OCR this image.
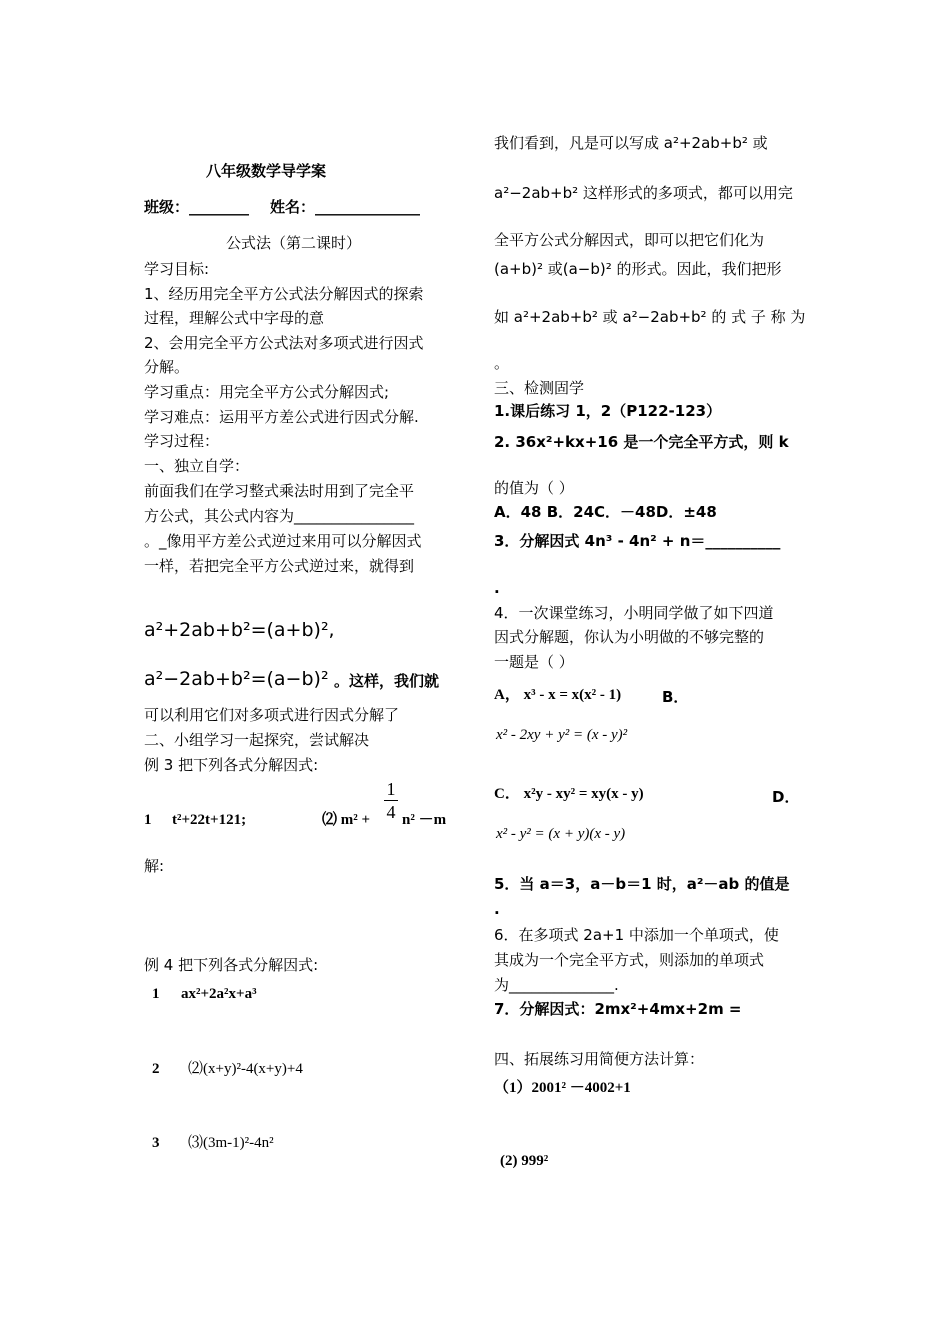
八年级数学导学案
班级：________ 姓名：______________
公式法（第二课时）
学习目标:
1、经历用完全平方公式法分解因式的探索
过程，理解公式中字母的意
2、会用完全平方公式法对多项式进行因式
分解。
学习重点：用完全平方公式分解因式;
学习难点：运用平方差公式进行因式分解.
学习过程：
一、独立自学：
前面我们在学习整式乘法时用到了完全平
方公式，其公式内容为________________
。_像用平方差公式逆过来用可以分解因式
一样，若把完全平方公式逆过来，就得到
a²+2ab+b²=(a+b)²,
a²−2ab+b²=(a−b)² 。这样，我们就
可以利用它们对多项式进行因式分解了
二、小组学习一起探究，尝试解决
例 3 把下列各式分解因式:
1 t²+22t+121;	⑵ m² +
1
4 n² －m
解:
例 4 把下列各式分解因式:
1 ax²+2a²x+a³
2 ⑵(x+y)²-4(x+y)+4
3 ⑶(3m-1)²-4n²
我们看到，凡是可以写成 a²+2ab+b² 或
a²−2ab+b² 这样形式的多项式，都可以用完
全平方公式分解因式，即可以把它们化为
(a+b)² 或(a−b)² 的形式。因此，我们把形
如 a²+2ab+b² 或 a²−2ab+b² 的 式 子 称 为
。
三、检测固学
1.课后练习 1，2（P122-123）
2. 36x²+kx+16 是一个完全平方式，则 k
的值为（ ）
A．48 B．24C．－48D．±48
3．分解因式 4n³ - 4n² + n＝__________
.
4．一次课堂练习，小明同学做了如下四道
因式分解题，你认为小明做的不够完整的
一题是（ ）
A， x³ - x = x(x² - 1)	B．
x² - 2xy + y² = (x - y)²
C． x²y - xy² = xy(x - y)	D．
x² - y² = (x + y)(x - y)
5．当 a＝3，a－b＝1 时，a²－ab 的值是
.
6．在多项式 2a+1 中添加一个单项式，使
其成为一个完全平方式，则添加的单项式
为______________.
7．分解因式：2mx²+4mx+2m =
四、拓展练习用简便方法计算：
（1）2001² －4002+1
(2) 999²
